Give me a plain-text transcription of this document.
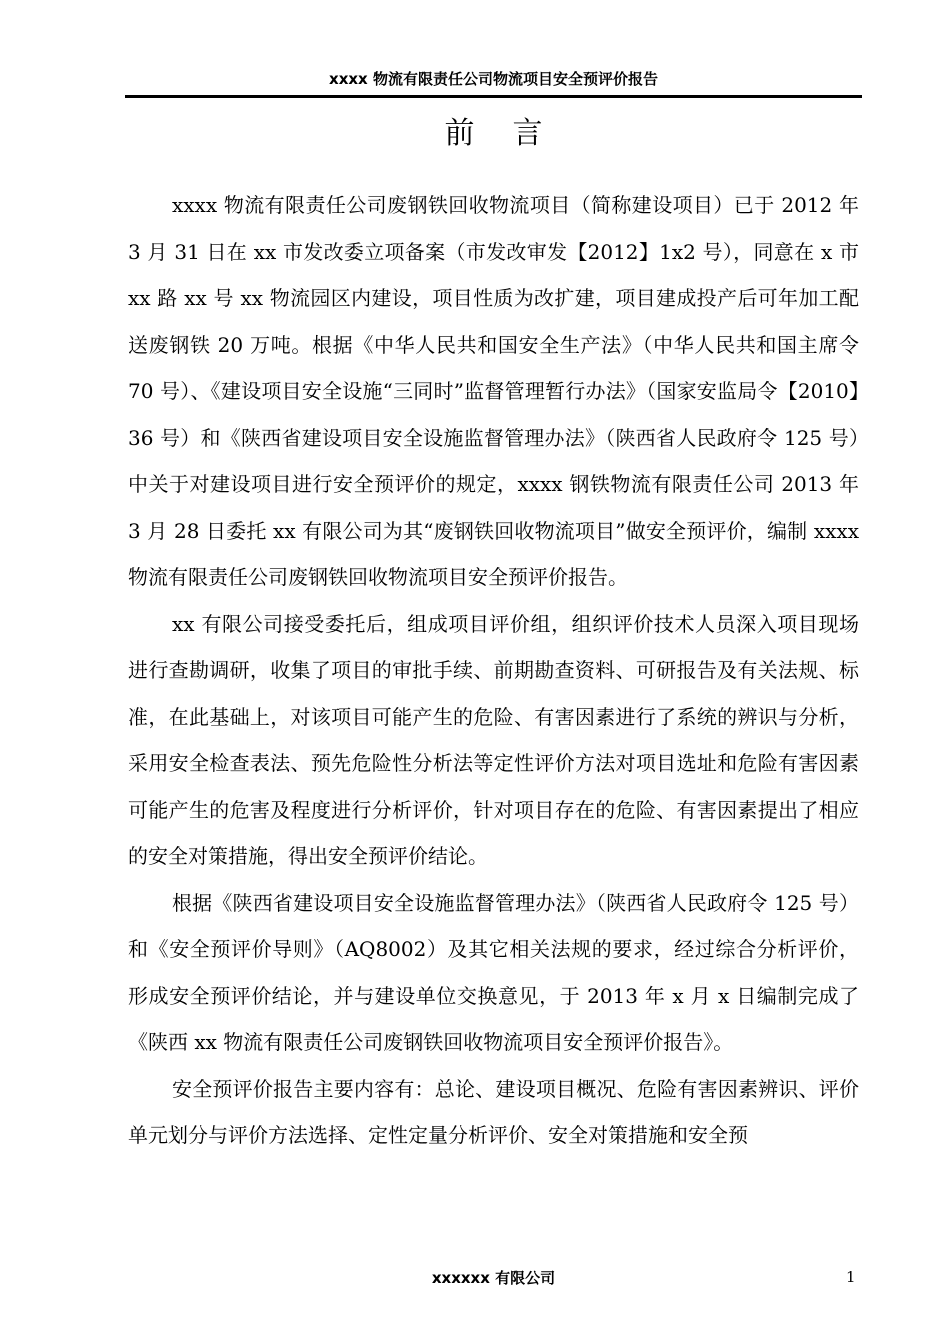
xxxx 物流有限责任公司物流项目安全预评价报告
前言

xxxx 物流有限责任公司废钢铁回收物流项目（简称建设项目）已于 2012 年 3 月 31 日在 xx 市发改委立项备案（市发改审发【2012】1x2 号），同意在 x 市 xx 路 xx 号 xx 物流园区内建设，项目性质为改扩建，项目建成投产后可年加工配送废钢铁 20 万吨。根据《中华人民共和国安全生产法》（中华人民共和国主席令 70 号）、《建设项目安全设施“三同时”监督管理暂行办法》（国家安监局令【2010】36 号）和《陕西省建设项目安全设施监督管理办法》（陕西省人民政府令 125 号）中关于对建设项目进行安全预评价的规定，xxxx 钢铁物流有限责任公司 2013 年 3 月 28 日委托 xx 有限公司为其“废钢铁回收物流项目”做安全预评价，编制 xxxx 物流有限责任公司废钢铁回收物流项目安全预评价报告。

xx 有限公司接受委托后，组成项目评价组，组织评价技术人员深入项目现场进行查勘调研，收集了项目的审批手续、前期勘查资料、可研报告及有关法规、标准，在此基础上，对该项目可能产生的危险、有害因素进行了系统的辨识与分析，采用安全检查表法、预先危险性分析法等定性评价方法对项目选址和危险有害因素可能产生的危害及程度进行分析评价，针对项目存在的危险、有害因素提出了相应的安全对策措施，得出安全预评价结论。

根据《陕西省建设项目安全设施监督管理办法》（陕西省人民政府令 125 号）和《安全预评价导则》（AQ8002）及其它相关法规的要求，经过综合分析评价，形成安全预评价结论，并与建设单位交换意见，于 2013 年 x 月 x 日编制完成了《陕西 xx 物流有限责任公司废钢铁回收物流项目安全预评价报告》。

安全预评价报告主要内容有：总论、建设项目概况、危险有害因素辨识、评价单元划分与评价方法选择、定性定量分析评价、安全对策措施和安全预

xxxxxx 有限公司	1
